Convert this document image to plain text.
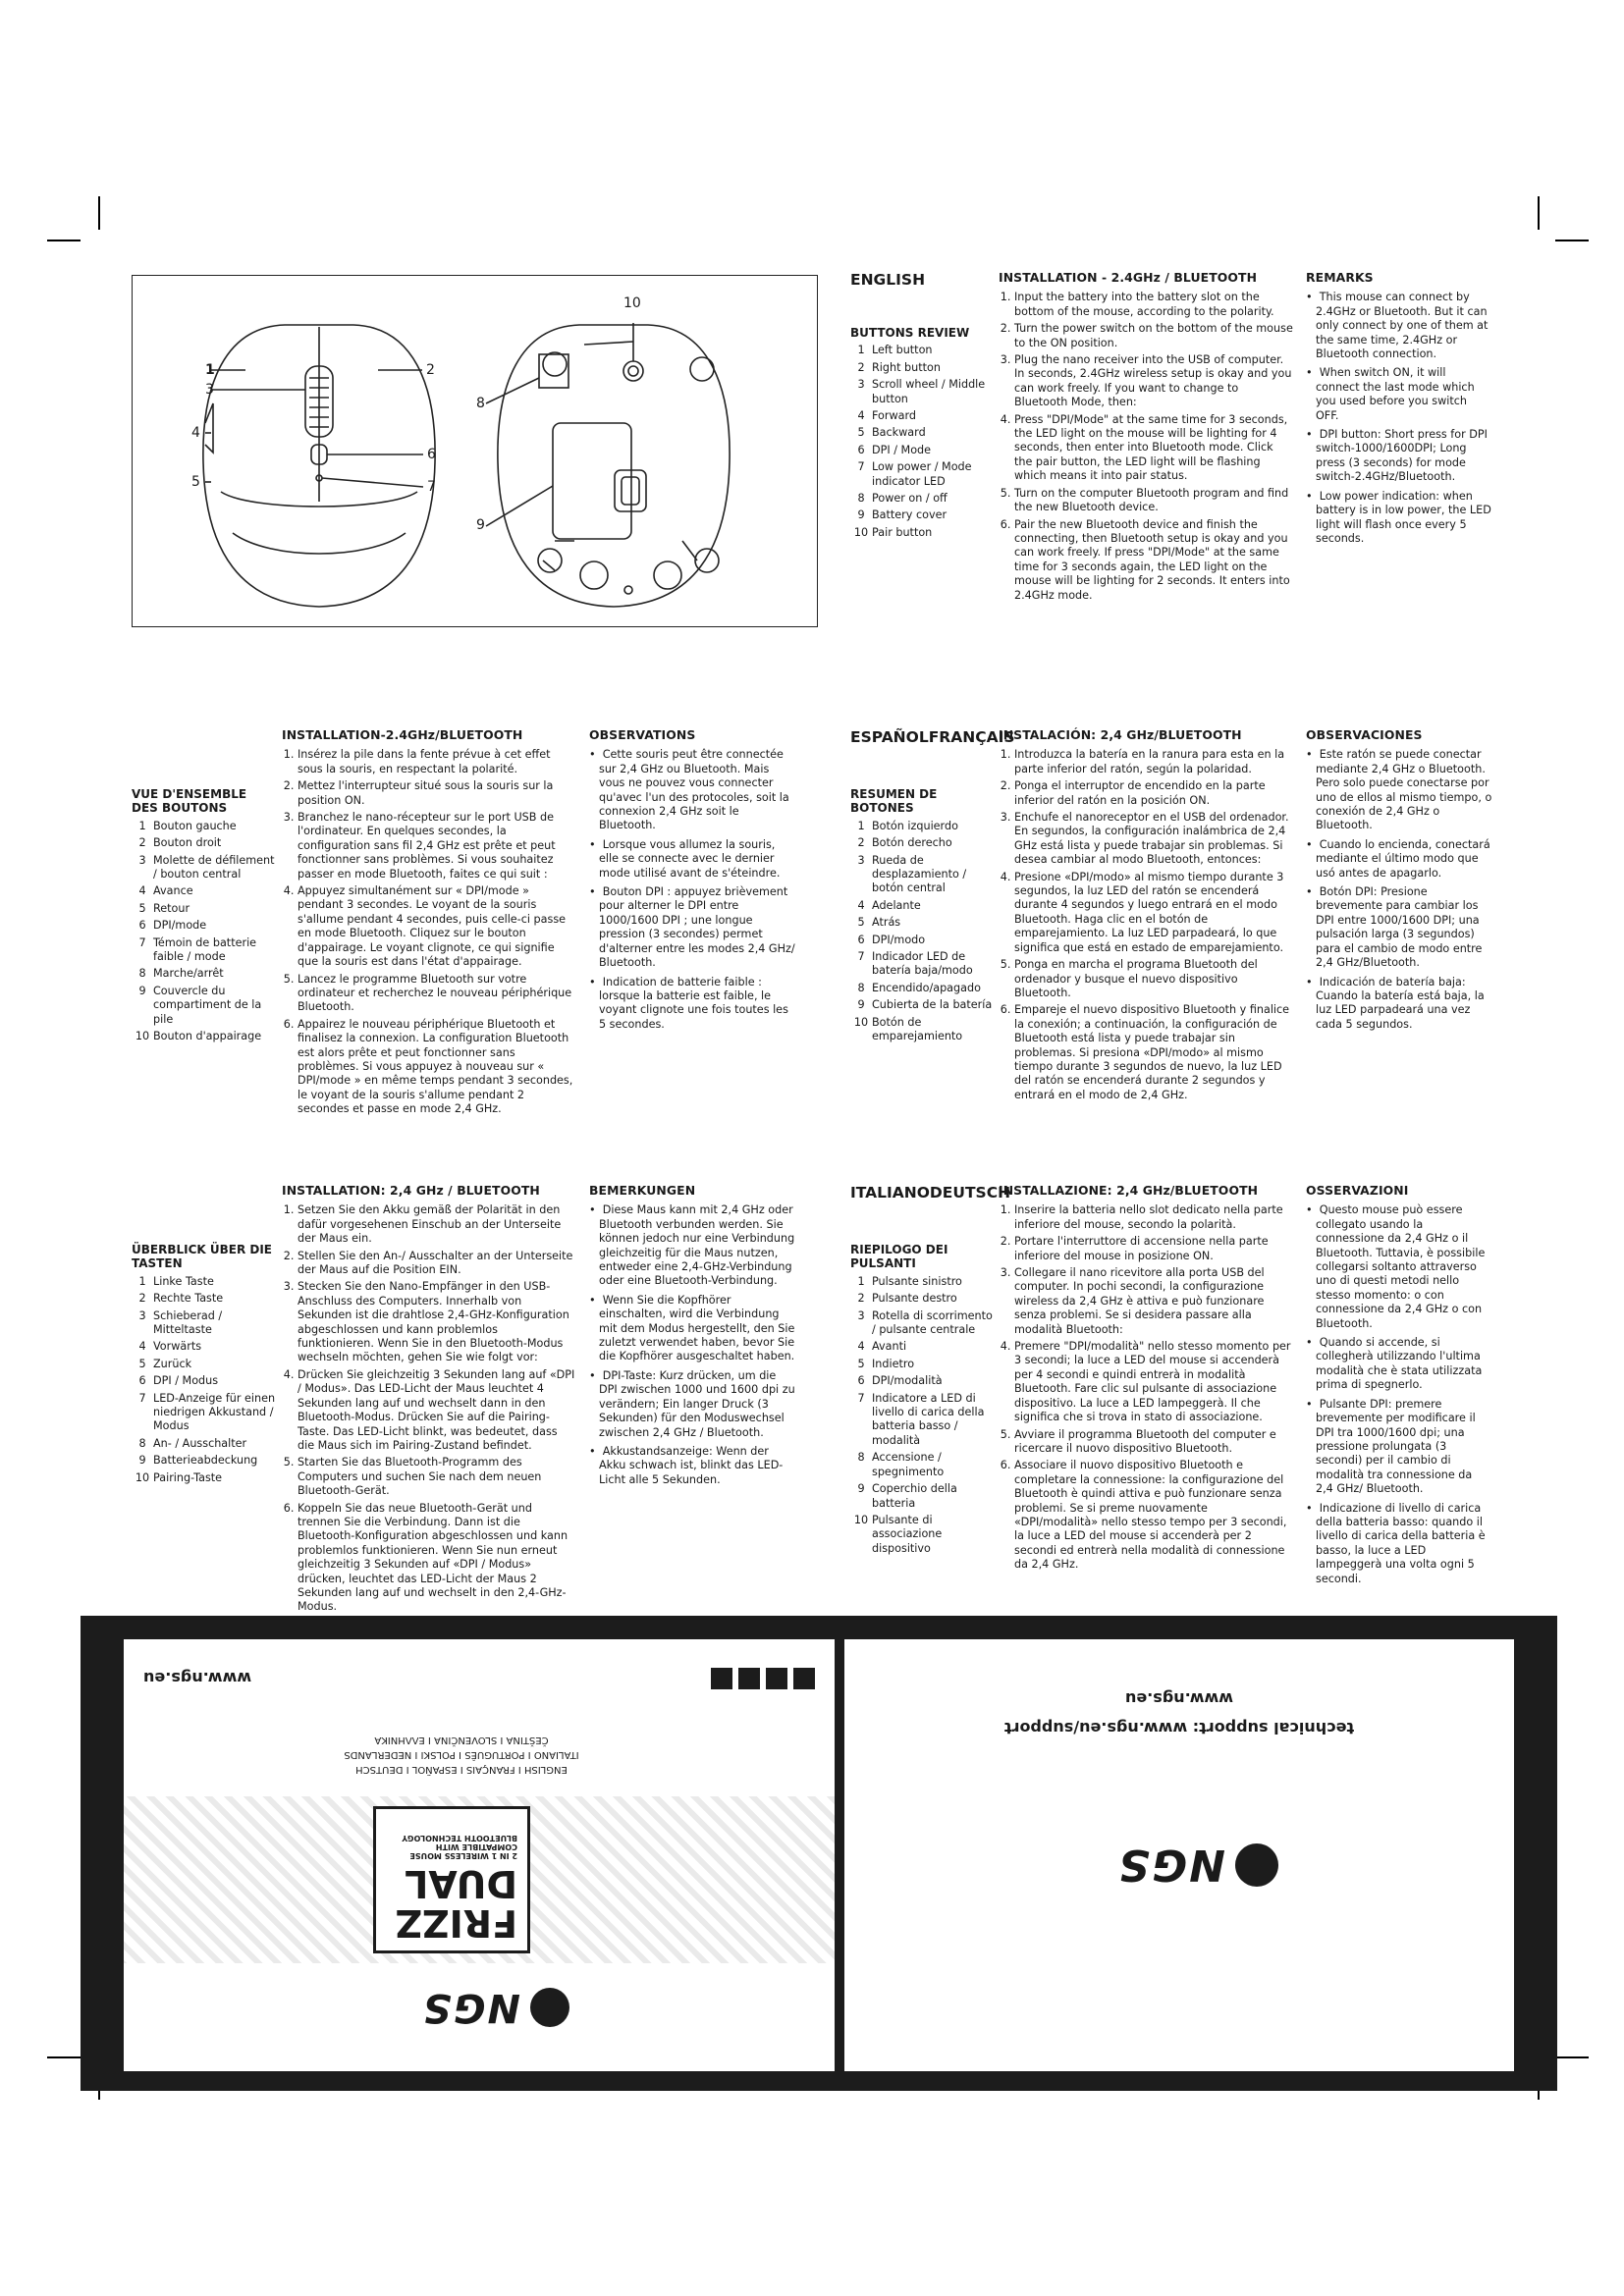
1	2
3
4
5
6
7
8
9
10
ENGLISH
BUTTONS REVIEW
1 Left button
2 Right button
3 Scroll wheel / Middle button
4 Forward
5 Backward
6 DPI / Mode
7 Low power / Mode indicator LED
8 Power on / off
9 Battery cover
10 Pair button
INSTALLATION - 2.4GHz / BLUETOOTH
1. Input the battery into the battery slot on the bottom of the mouse, according to the polarity.
2. Turn the power switch on the bottom of the mouse to the ON position.
3. Plug the nano receiver into the USB of computer. In seconds, 2.4GHz wireless setup is okay and you can work freely. If you want to change to Bluetooth Mode, then:
4. Press "DPI/Mode" at the same time for 3 seconds, the LED light on the mouse will be lighting for 4 seconds, then enter into Bluetooth mode. Click the pair button, the LED light will be flashing which means it into pair status.
5. Turn on the computer Bluetooth program and find the new Bluetooth device.
6. Pair the new Bluetooth device and finish the connecting, then Bluetooth setup is okay and you can work freely. If press "DPI/Mode" at the same time for 3 seconds again, the LED light on the mouse will be lighting for 2 seconds. It enters into 2.4GHz mode.
REMARKS
•  This mouse can connect by 2.4GHz or Bluetooth. But it can only connect by one of them at the same time, 2.4GHz or Bluetooth connection.
•  When switch ON, it will connect the last mode which you used before you switch OFF.
•  DPI button: Short press for DPI switch-1000/1600DPI; Long press (3 seconds) for mode switch-2.4GHz/Bluetooth.
•  Low power indication: when battery is in low power, the LED light will flash once every 5 seconds.
VUE D'ENSEMBLE DES BOUTONS
1 Bouton gauche
2 Bouton droit
3 Molette de défilement / bouton central
4 Avance
5 Retour
6 DPI/mode
7 Témoin de batterie faible / mode
8 Marche/arrêt
9 Couvercle du compartiment de la pile
10 Bouton d'appairage
INSTALLATION-2.4GHz/BLUETOOTH
1. Insérez la pile dans la fente prévue à cet effet sous la souris, en respectant la polarité.
2. Mettez l'interrupteur situé sous la souris sur la position ON.
3. Branchez le nano-récepteur sur le port USB de l'ordinateur. En quelques secondes, la configuration sans fil 2,4 GHz est prête et peut fonctionner sans problèmes. Si vous souhaitez passer en mode Bluetooth, faites ce qui suit :
4. Appuyez simultanément sur « DPI/mode » pendant 3 secondes. Le voyant de la souris s'allume pendant 4 secondes, puis celle-ci passe en mode Bluetooth. Cliquez sur le bouton d'appairage. Le voyant clignote, ce qui signifie que la souris est dans l'état d'appairage.
5. Lancez le programme Bluetooth sur votre ordinateur et recherchez le nouveau périphérique Bluetooth.
6. Appairez le nouveau périphérique Bluetooth et finalisez la connexion. La configuration Bluetooth est alors prête et peut fonctionner sans problèmes. Si vous appuyez à nouveau sur « DPI/mode » en même temps pendant 3 secondes, le voyant de la souris s'allume pendant 2 secondes et passe en mode 2,4 GHz.
OBSERVATIONS
•  Cette souris peut être connectée sur 2,4 GHz ou Bluetooth. Mais vous ne pouvez vous connecter qu'avec l'un des protocoles, soit la connexion 2,4 GHz soit le Bluetooth.
•  Lorsque vous allumez la souris, elle se connecte avec le dernier mode utilisé avant de s'éteindre.
•  Bouton DPI : appuyez brièvement pour alterner le DPI entre 1000/1600 DPI ; une longue pression (3 secondes) permet d'alterner entre les modes 2,4 GHz/ Bluetooth.
•  Indication de batterie faible : lorsque la batterie est faible, le voyant clignote une fois toutes les 5 secondes.
ESPAÑOLFRANÇAIS
RESUMEN DE BOTONES
1 Botón izquierdo
2 Botón derecho
3 Rueda de desplazamiento / botón central
4 Adelante
5 Atrás
6 DPI/modo
7 Indicador LED de batería baja/modo
8 Encendido/apagado
9 Cubierta de la batería
10 Botón de emparejamiento
INSTALACIÓN: 2,4 GHz/BLUETOOTH
1. Introduzca la batería en la ranura para esta en la parte inferior del ratón, según la polaridad.
2. Ponga el interruptor de encendido en la parte inferior del ratón en la posición ON.
3. Enchufe el nanoreceptor en el USB del ordenador. En segundos, la configuración inalámbrica de 2,4 GHz está lista y puede trabajar sin problemas. Si desea cambiar al modo Bluetooth, entonces:
4. Presione «DPI/modo» al mismo tiempo durante 3 segundos, la luz LED del ratón se encenderá durante 4 segundos y luego entrará en el modo Bluetooth. Haga clic en el botón de emparejamiento. La luz LED parpadeará, lo que significa que está en estado de emparejamiento.
5. Ponga en marcha el programa Bluetooth del ordenador y busque el nuevo dispositivo Bluetooth.
6. Empareje el nuevo dispositivo Bluetooth y finalice la conexión; a continuación, la configuración de Bluetooth está lista y puede trabajar sin problemas. Si presiona «DPI/modo» al mismo tiempo durante 3 segundos de nuevo, la luz LED del ratón se encenderá durante 2 segundos y entrará en el modo de 2,4 GHz.
OBSERVACIONES
•  Este ratón se puede conectar mediante 2,4 GHz o Bluetooth. Pero solo puede conectarse por uno de ellos al mismo tiempo, o conexión de 2,4 GHz o Bluetooth.
•  Cuando lo encienda, conectará mediante el último modo que usó antes de apagarlo.
•  Botón DPI: Presione brevemente para cambiar los DPI entre 1000/1600 DPI; una pulsación larga (3 segundos) para el cambio de modo entre 2,4 GHz/Bluetooth.
•  Indicación de batería baja: Cuando la batería está baja, la luz LED parpadeará una vez cada 5 segundos.
ÜBERBLICK ÜBER DIE TASTEN
1 Linke Taste
2 Rechte Taste
3 Schieberad / Mitteltaste
4 Vorwärts
5 Zurück
6 DPI / Modus
7 LED-Anzeige für einen niedrigen Akkustand / Modus
8 An- / Ausschalter
9 Batterieabdeckung
10 Pairing-Taste
INSTALLATION: 2,4 GHz / BLUETOOTH
1. Setzen Sie den Akku gemäß der Polarität in den dafür vorgesehenen Einschub an der Unterseite der Maus ein.
2. Stellen Sie den An-/ Ausschalter an der Unterseite der Maus auf die Position EIN.
3. Stecken Sie den Nano-Empfänger in den USB-Anschluss des Computers. Innerhalb von Sekunden ist die drahtlose 2,4-GHz-Konfiguration abgeschlossen und kann problemlos funktionieren. Wenn Sie in den Bluetooth-Modus wechseln möchten, gehen Sie wie folgt vor:
4. Drücken Sie gleichzeitig 3 Sekunden lang auf «DPI / Modus». Das LED-Licht der Maus leuchtet 4 Sekunden lang auf und wechselt dann in den Bluetooth-Modus. Drücken Sie auf die Pairing-Taste. Das LED-Licht blinkt, was bedeutet, dass die Maus sich im Pairing-Zustand befindet.
5. Starten Sie das Bluetooth-Programm des Computers und suchen Sie nach dem neuen Bluetooth-Gerät.
6. Koppeln Sie das neue Bluetooth-Gerät und trennen Sie die Verbindung. Dann ist die Bluetooth-Konfiguration abgeschlossen und kann problemlos funktionieren. Wenn Sie nun erneut gleichzeitig 3 Sekunden auf «DPI / Modus» drücken, leuchtet das LED-Licht der Maus 2 Sekunden lang auf und wechselt in den 2,4-GHz-Modus.
BEMERKUNGEN
•  Diese Maus kann mit 2,4 GHz oder Bluetooth verbunden werden. Sie können jedoch nur eine Verbindung gleichzeitig für die Maus nutzen, entweder eine 2,4-GHz-Verbindung oder eine Bluetooth-Verbindung.
•  Wenn Sie die Kopfhörer einschalten, wird die Verbindung mit dem Modus hergestellt, den Sie zuletzt verwendet haben, bevor Sie die Kopfhörer ausgeschaltet haben.
•  DPI-Taste: Kurz drücken, um die DPI zwischen 1000 und 1600 dpi zu verändern; Ein langer Druck (3 Sekunden) für den Moduswechsel zwischen 2,4 GHz / Bluetooth.
•  Akkustandsanzeige: Wenn der Akku schwach ist, blinkt das LED-Licht alle 5 Sekunden.
ITALIANODEUTSCH
RIEPILOGO DEI PULSANTI
1 Pulsante sinistro
2 Pulsante destro
3 Rotella di scorrimento / pulsante centrale
4 Avanti
5 Indietro
6 DPI/modalità
7 Indicatore a LED di livello di carica della batteria basso / modalità
8 Accensione / spegnimento
9 Coperchio della batteria
10 Pulsante di associazione dispositivo
INSTALLAZIONE: 2,4 GHz/BLUETOOTH
1. Inserire la batteria nello slot dedicato nella parte inferiore del mouse, secondo la polarità.
2. Portare l'interruttore di accensione nella parte inferiore del mouse in posizione ON.
3. Collegare il nano ricevitore alla porta USB del computer. In pochi secondi, la configurazione wireless da 2,4 GHz è attiva e può funzionare senza problemi. Se si desidera passare alla modalità Bluetooth:
4. Premere "DPI/modalità" nello stesso momento per 3 secondi; la luce a LED del mouse si accenderà per 4 secondi e quindi entrerà in modalità Bluetooth. Fare clic sul pulsante di associazione dispositivo. La luce a LED lampeggerà. Il che significa che si trova in stato di associazione.
5. Avviare il programma Bluetooth del computer e ricercare il nuovo dispositivo Bluetooth.
6. Associare il nuovo dispositivo Bluetooth e completare la connessione: la configurazione del Bluetooth è quindi attiva e può funzionare senza problemi. Se si preme nuovamente «DPI/modalità» nello stesso tempo per 3 secondi, la luce a LED del mouse si accenderà per 2 secondi ed entrerà nella modalità di connessione da 2,4 GHz.
OSSERVAZIONI
•  Questo mouse può essere collegato usando la connessione da 2,4 GHz o il Bluetooth. Tuttavia, è possibile collegarsi soltanto attraverso uno di questi metodi nello stesso momento: o con connessione da 2,4 GHz o con Bluetooth.
•  Quando si accende, si collegherà utilizzando l'ultima modalità che è stata utilizzata prima di spegnerlo.
•  Pulsante DPI: premere brevemente per modificare il DPI tra 1000/1600 dpi; una pressione prolungata (3 secondi) per il cambio di modalità tra connessione da 2,4 GHz/ Bluetooth.
•  Indicazione di livello di carica della batteria basso: quando il livello di carica della batteria è basso, la luce a LED lampeggerà una volta ogni 5 secondi.
NGS
FRIZZ
DUAL
2 IN 1 WIRELESS MOUSE
COMPATIBLE WITH
BLUETOOTH TECHNOLOGY
ENGLISH I FRANÇAIS I ESPAÑOL I DEUTSCH
ITALIANO I PORTUGUÊS I POLSKI I NEDERLANDS
ČEŠTINA I SLOVENČINA I ΕΛΛΗΝΙΚΑ
www.ngs.eu
NGS
technical support: www.ngs.eu/support
www.ngs.eu
